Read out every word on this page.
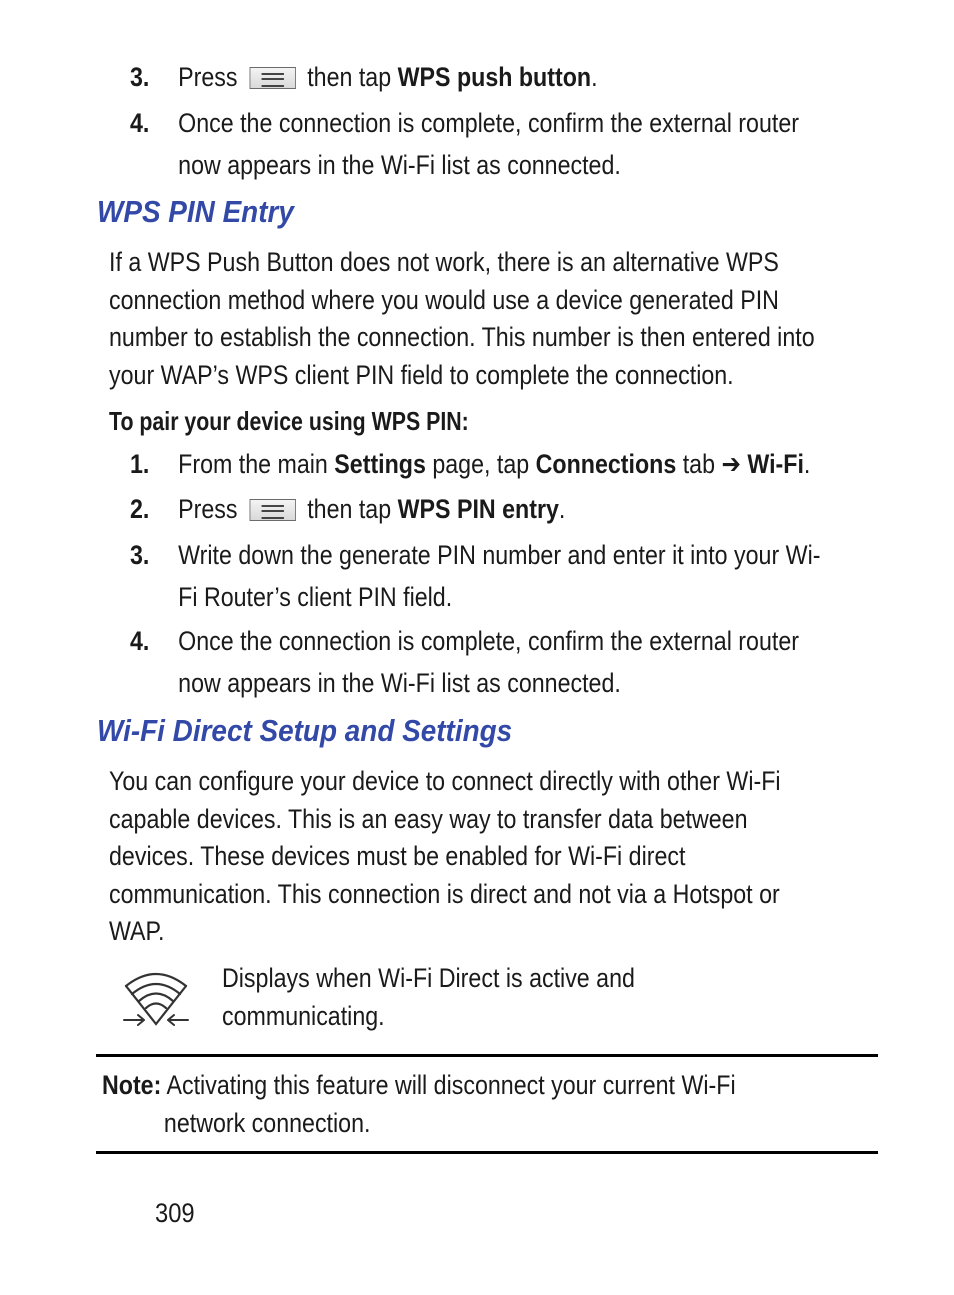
3. Press	then tap WPS push button.
4. Once the connection is complete, confirm the external router
now appears in the Wi-Fi list as connected.
WPS PIN Entry
If a WPS Push Button does not work, there is an alternative WPS
connection method where you would use a device generated PIN
number to establish the connection. This number is then entered into
your WAP’s WPS client PIN field to complete the connection.
To pair your device using WPS PIN:
1. From the main Settings page, tap Connections tab ➔ Wi-Fi.
2. Press	then tap WPS PIN entry.
3. Write down the generate PIN number and enter it into your Wi-
Fi Router’s client PIN field.
4. Once the connection is complete, confirm the external router
now appears in the Wi-Fi list as connected.
Wi-Fi Direct Setup and Settings
You can configure your device to connect directly with other Wi-Fi
capable devices. This is an easy way to transfer data between
devices. These devices must be enabled for Wi-Fi direct
communication. This connection is direct and not via a Hotspot or
WAP.
Displays when Wi-Fi Direct is active and
communicating.
Note: Activating this feature will disconnect your current Wi-Fi
network connection.
309
